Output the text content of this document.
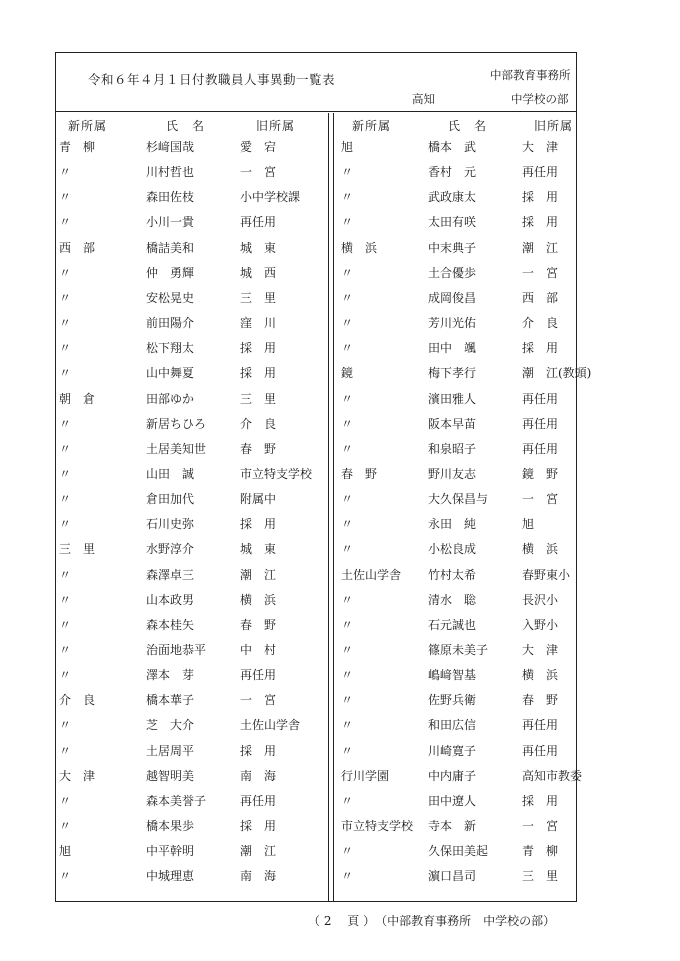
令和６年４月１日付教職員人事異動一覧表	中部教育事務所
高知	中学校の部
新所属	氏　名	旧所属	新所属	氏　名	旧所属
青　柳	杉﨑国哉	愛　宕
〃	川村哲也	一　宮
〃	森田佐枝	小中学校課
〃	小川一貴	再任用
西　部	橋詰美和	城　東
〃	仲　勇輝	城　西
〃	安松晃史	三　里
〃	前田陽介	窪　川
〃	松下翔太	採　用
〃	山中舞夏	採　用
朝　倉	田部ゆか	三　里
〃	新居ちひろ	介　良
〃	土居美知世	春　野
〃	山田　誠	市立特支学校
〃	倉田加代	附属中
〃	石川史弥	採　用
三　里	水野淳介	城　東
〃	森澤卓三	潮　江
〃	山本政男	横　浜
〃	森本桂矢	春　野
〃	治面地恭平	中　村
〃	澤本　芽	再任用
介　良	橋本華子	一　宮
〃	芝　大介	土佐山学舎
〃	土居周平	採　用
大　津	越智明美	南　海
〃	森本美誉子	再任用
〃	橋本果歩	採　用
旭	中平幹明	潮　江
〃	中城理恵	南　海
旭	橋本　武	大　津
〃	香村　元	再任用
〃	武政康太	採　用
〃	太田有咲	採　用
横　浜	中末典子	潮　江
〃	土合優歩	一　宮
〃	成岡俊昌	西　部
〃	芳川光佑	介　良
〃	田中　颯	採　用
鏡	梅下孝行	潮　江(教頭)
〃	濱田雅人	再任用
〃	阪本早苗	再任用
〃	和泉昭子	再任用
春　野	野川友志	鏡　野
〃	大久保昌与	一　宮
〃	永田　純	旭
〃	小松良成	横　浜
土佐山学舎 竹村太希	春野東小
〃	清水　聡	長沢小
〃	石元誠也	入野小
〃	篠原未美子	大　津
〃	嶋﨑智基	横　浜
〃	佐野兵衛	春　野
〃	和田広信	再任用
〃	川崎寛子	再任用
行川学園	中内庸子	高知市教委
〃	田中遼人	採　用
市立特支学校 寺本　新	一　宮
〃	久保田美起	青　柳
〃	濵口昌司	三　里
（ 2　 頁 ）　（中部教育事務所　中学校の部）
